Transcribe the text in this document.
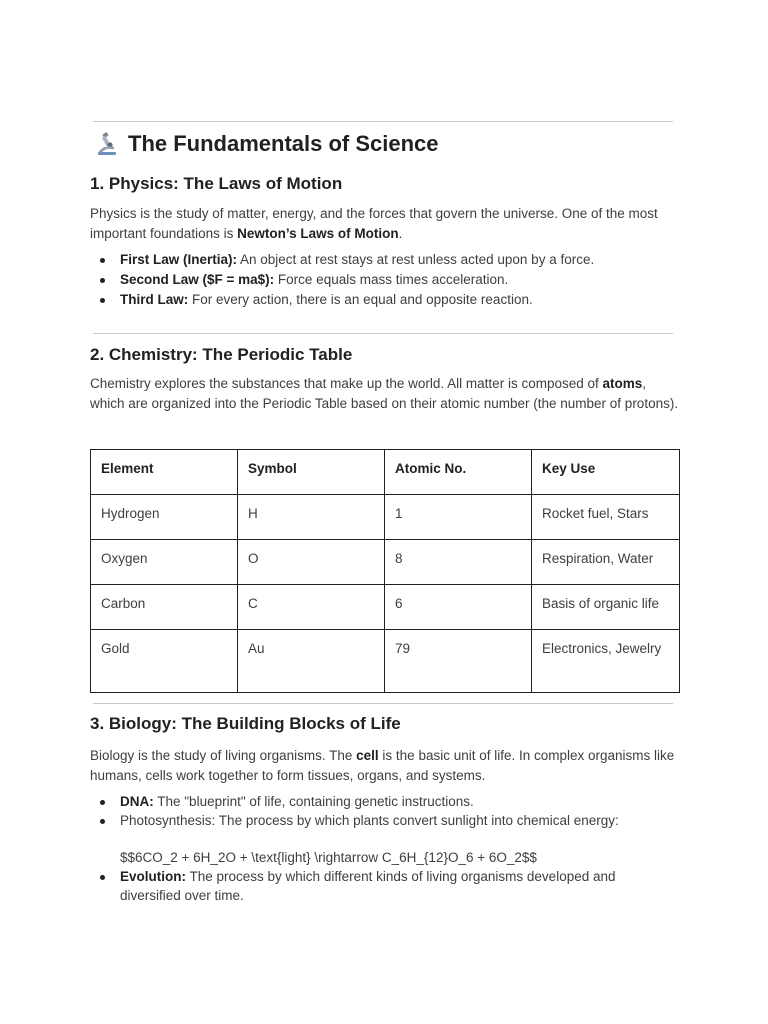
The Fundamentals of Science
1. Physics: The Laws of Motion
Physics is the study of matter, energy, and the forces that govern the universe. One of the most important foundations is Newton’s Laws of Motion.
First Law (Inertia): An object at rest stays at rest unless acted upon by a force.
Second Law ($F = ma$): Force equals mass times acceleration.
Third Law: For every action, there is an equal and opposite reaction.
2. Chemistry: The Periodic Table
Chemistry explores the substances that make up the world. All matter is composed of atoms, which are organized into the Periodic Table based on their atomic number (the number of protons).
Element	Symbol	Atomic No.	Key Use
Hydrogen	H	1	Rocket fuel, Stars
Oxygen	O	8	Respiration, Water
Carbon	C	6	Basis of organic life
Gold	Au	79	Electronics, Jewelry
3. Biology: The Building Blocks of Life
Biology is the study of living organisms. The cell is the basic unit of life. In complex organisms like humans, cells work together to form tissues, organs, and systems.
DNA: The "blueprint" of life, containing genetic instructions.
Photosynthesis: The process by which plants convert sunlight into chemical energy:
$$6CO_2 + 6H_2O + \text{light} \rightarrow C_6H_{12}O_6 + 6O_2$$
Evolution: The process by which different kinds of living organisms developed and diversified over time.
